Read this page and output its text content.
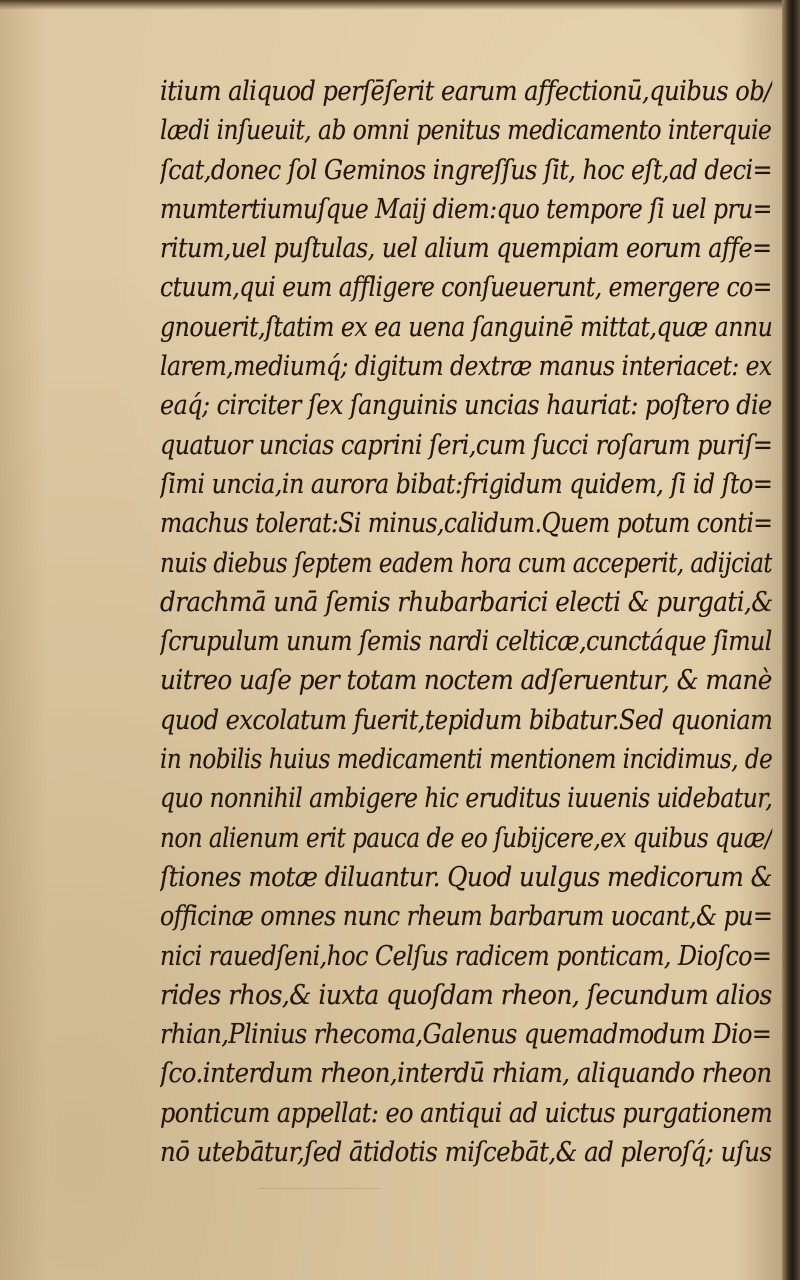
itium aliquod perſēſerit earum affectionū,quibus ob/
lædi inſueuit, ab omni penitus medicamento interquie
ſcat,donec ſol Geminos ingreſſus ſit, hoc eſt,ad deci=
mumtertiumuſque Maij diem:quo tempore ſi uel pru=
ritum,uel puſtulas, uel alium quempiam eorum affe=
ctuum,qui eum affligere conſueuerunt, emergere co=
gnouerit,ſtatim ex ea uena ſanguinē mittat,quæ annu
larem,mediumq́; digitum dextræ manus interiacet: ex
eaq́; circiter ſex ſanguinis uncias hauriat: poſtero die
quatuor uncias caprini ſeri,cum ſucci roſarum puriſ=
ſimi uncia,in aurora bibat:frigidum quidem, ſi id ſto=
machus tolerat:Si minus,calidum.Quem potum conti=
nuis diebus ſeptem eadem hora cum acceperit, adijciat
drachmā unā ſemis rhubarbarici electi & purgati,&
ſcrupulum unum ſemis nardi celticæ,cunctáque ſimul
uitreo uaſe per totam noctem adſeruentur, & manè
quod excolatum fuerit,tepidum bibatur.Sed quoniam
in nobilis huius medicamenti mentionem incidimus, de
quo nonnihil ambigere hic eruditus iuuenis uidebatur,
non alienum erit pauca de eo ſubijcere,ex quibus quæ/
ſtiones motæ diluantur. Quod uulgus medicorum &
officinæ omnes nunc rheum barbarum uocant,& pu=
nici rauedſeni,hoc Celſus radicem ponticam, Dioſco=
rides rhos,& iuxta quoſdam rheon, ſecundum alios
rhian,Plinius rhecoma,Galenus quemadmodum Dio=
ſco.interdum rheon,interdū rhiam, aliquando rheon
ponticum appellat: eo antiqui ad uictus purgationem
nō utebātur,ſed ātidotis miſcebāt,& ad pleroſq́; uſus
